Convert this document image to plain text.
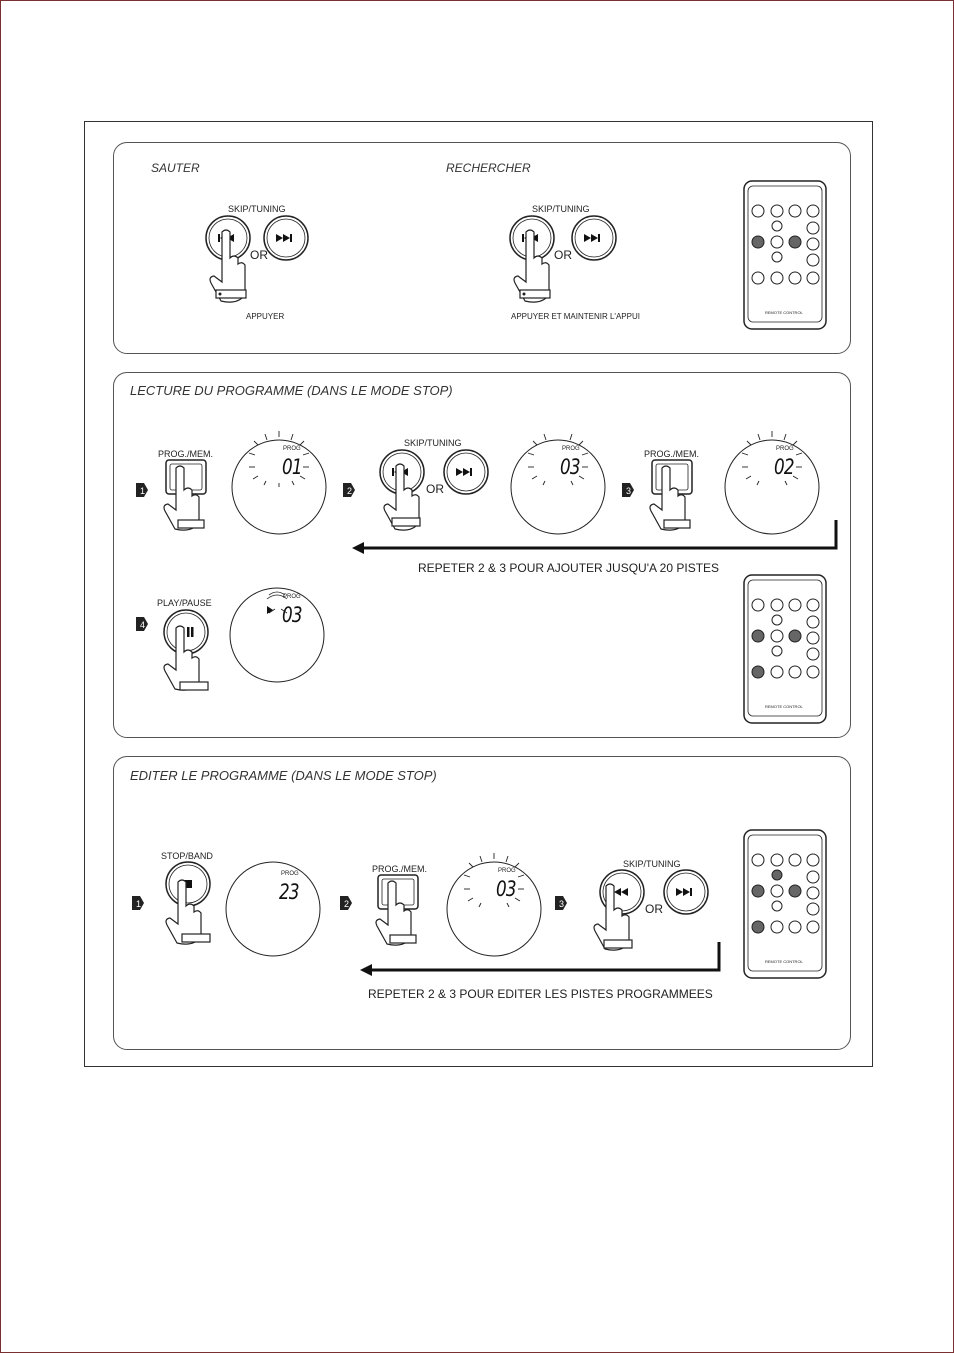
SAUTER	RECHERCHER
SKIP/TUNING
OR
APPUYER
SKIP/TUNING
OR
APPUYER ET MAINTENIR L'APPUI	REMOTE CONTROL
LECTURE DU PROGRAMME (DANS LE MODE STOP)
1
PROG./MEM.	PROG
01
2
SKIP/TUNING
OR
PROG
03
3
PROG./MEM.	PROG
02
REPETER 2 & 3 POUR AJOUTER JUSQU'A 20 PISTES
4
PLAY/PAUSE
PROG
03
REMOTE CONTROL
EDITER LE PROGRAMME (DANS LE MODE STOP)
1
STOP/BAND
PROG
23	2
PROG./MEM.	PROG
03
3
SKIP/TUNING
OR
REPETER 2 & 3 POUR EDITER LES PISTES PROGRAMMEES
REMOTE CONTROL
